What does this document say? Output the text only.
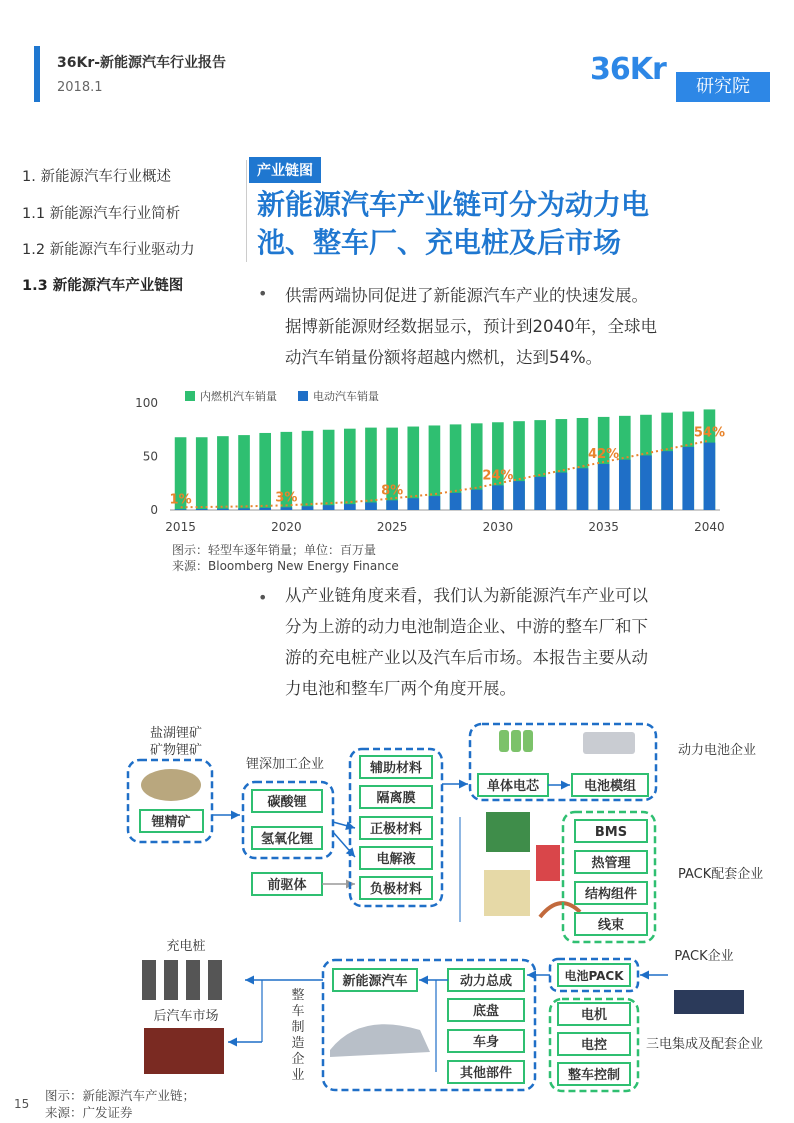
36Kr-新能源汽车行业报告
2018.1
36Kr	研究院
1. 新能源汽车行业概述
1.1 新能源汽车行业简析
1.2 新能源汽车行业驱动力
1.3 新能源汽车产业链图
产业链图
新能源汽车产业链可分为动力电
池、整车厂、充电桩及后市场
• 供需两端协同促进了新能源汽车产业的快速发展。
据博新能源财经数据显示，预计到2040年，全球电
动汽车销量份额将超越内燃机，达到54%。
0
50
100
2015	2020	2025	2030	2035	2040
1%	3%	8%
24%
42%
54%
内燃机汽车销量	电动汽车销量
图示：轻型车逐年销量；单位：百万量
来源：Bloomberg New Energy Finance
• 从产业链角度来看，我们认为新能源汽车产业可以
分为上游的动力电池制造企业、中游的整车厂和下
游的充电桩产业以及汽车后市场。本报告主要从动
力电池和整车厂两个角度开展。
盐湖锂矿
矿物锂矿
锂精矿
锂深加工企业
碳酸锂
氢氧化锂
前驱体
辅助材料
隔离膜
正极材料
电解液
负极材料
单体电芯	电池模组
动力电池企业
BMS
热管理
结构组件
线束
PACK配套企业
PACK企业
电池PACK
新能源汽车	动力总成
底盘
车身
其他部件
整
车
制
造
企
业
电机
电控
整车控制
三电集成及配套企业
充电桩
后汽车市场
图示：新能源汽车产业链；
来源：广发证券
15
